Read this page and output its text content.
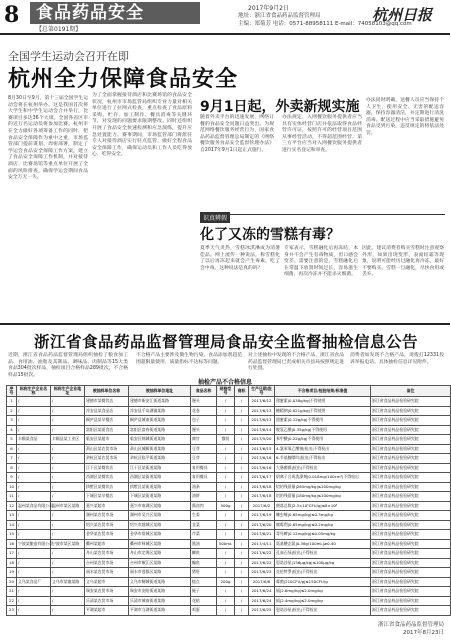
8 食品药品安全
【总第0191期】
2017年9月2日
地址：浙江省食品药品监督管理局
主编：郑菊芳 电话：0571-88958111 E-mail：74058103@qq.com
杭州日报
全国学生运动会召开在即
杭州全力保障食品安全
8月30日至9月，第十三届全国学生运动会将在杭州举办。这是我国首次将大学生和中学生运动会合并举行，比赛项目多达36个大项。全国各省区市的近万名运动员将参加比赛。杭州市在全力做好各项筹备工作的同时，把食品安全保障作为重中之重，市场监管部门提前谋划、周密部署，制定了学运会食品安全保障工作方案，建立了食品安全保障工作机制，并对接待酒店、比赛场馆等重点单位开展了全面的风险排查，确保学运会期间食品安全万无一失。
为了全面掌握接待酒店和比赛场馆的食品安全状况，杭州市市场监管局组织专业力量对相关单位进行了拉网式检查，重点检查了食品原料采购、贮存、加工制作、餐具消毒等关键环节，对发现的问题要求限期整改。同时还组织开展了食品安全快速检测和应急演练，提升应急处置能力。赛事期间，市场监管部门将派驻专人对接待酒店实行驻点监管，做好全程食品安全保障工作，确保运动员和工作人员吃得放心、吃得安全。
9月1日起，外卖新规实施
随着外卖平台的迅速发展，网络订餐的食品安全问题日益突出。为规范网络餐饮服务经营行为，国家食品药品监督管理总局制定的《网络餐饮服务食品安全监督管理办法》自2017年9月1日起正式施行。
办法规定，入网餐饮服务提供者应当具有实体经营门店并依法取得食品经营许可证，按照许可的经营项目范围从事经营活动，不得超范围经营。第三方平台应当对入网餐饮服务提供者进行实名登记和审查。
办法同时明确，送餐人员应当保持个人卫生，使用安全、无害的配送容器，保持容器清洁，并定期进行清洗消毒。配送过程中应当采取措施避免食品受到污染，违反规定的将依法处罚。
识真辨假
化了又冻的雪糕有毒？
夏季天气炎热，雪糕冰淇淋成为消暑佳品。网上流传一种说法，称雪糕化了以后再冻起来就会产生毒素，吃了会中毒。这种说法是真的吗？
专家表示，雪糕融化后再冻结，本身并不会产生有毒物质，但口感会变差。需要注意的是，雪糕融化后在常温下放置时间过长，容易滋生细菌，再次冷冻并不能杀灭细菌。
因此，建议消费者购买雪糕时注意观察外形，如果出现变形、表面结霜等现象，说明可能经历过融化再冷冻，最好不要购买。雪糕一旦融化，尽快食用或丢弃。
浙江省食品药品监督管理局食品安全监督抽检信息公告
近期，浙江省食品药品监督管理局组织抽检了粮食加工品、食用油、油脂及其制品、调味品、肉制品等15大类食品304批次样品，抽检项目合格样品289批次，不合格样品15批次。
不合格产品主要涉及微生物污染、食品添加剂超范围超限量使用、质量指标不达标等问题。
对上述抽检中发现的不合格产品，浙江省食品药品监督管理局已责成相关市县局按照规定进行处置。
消费者如发现不合格产品，请拨打12331投诉举报电话。具体抽检信息详见附件。
抽检产品不合格信息
序号	标称生产企业名称	标称生产企业地址	被抽样单位名称	被抽样单位地址	食品名称	规格型号	商标	生产日期/批号	不合格项目/检验结果/标准值	备注
1	/	/	建德市某餐饮店	建德市新安江街道某路	馒头	/	/	2017/6/12	甜蜜素|0.038g/kg|不得使用	浙江省食品药品检验研究院
2	/	/	淳安县某食品店	淳安县千岛湖镇某路	花卷	/	/	2017/6/13	糖精钠|0.021g/kg|不得使用	浙江省食品药品检验研究院
3	/	/	桐庐县某早餐店	桐庐县城南街道某路	包子	/	/	2017/6/13	甜蜜素|0.12g/kg|不得使用	浙江省食品药品检验研究院
4	/	/	富阳区某面食店	富阳区富春街道某路	馒头	/	/	2017/6/14	脱氢乙酸|0.35g/kg|不得使用	浙江省食品药品检验研究院
5	丰顺某食品	丰顺县某工业区	临安区某超市	临安区锦城街道某路	腐竹	散装	/	2017/5/20	苯甲酸|0.22g/kg|不得使用	浙江省食品药品检验研究院
6	/	/	萧山区某农贸市场	萧山区城厢街道某路	豆芽	/	/	2017/6/15	4-氯苯氧乙酸钠|检出|不得检出	浙江省食品药品检验研究院
7	/	/	余杭区某农贸市场	余杭区临平街道某路	豆芽	/	/	2017/6/16	6-苄基腺嘌呤|检出|不得检出	浙江省食品药品检验研究院
8	/	/	江干区某餐饮店	江干区某街道某路	复用餐具	/	/	2017/6/16	大肠菌群|检出|不得检出	浙江省食品药品检验研究院
9	/	/	西湖区某餐饮店	西湖区某街道某路	复用餐具	/	/	2017/6/17	阴离子合成洗涤剂|0.018mg/100cm²|不得检出	浙江省食品药品检验研究院
10	/	/	拱墅区某餐饮店	拱墅区某街道某路	油条	/	/	2017/6/18	铝的残留量|265mg/kg|≤100mg/kg	浙江省食品药品检验研究院
11	/	/	下城区某早餐店	下城区某街道某路	油饼	/	/	2017/6/18	铝的残留量|180mg/kg|≤100mg/kg	浙江省食品药品检验研究院
12	温州某食品有限公司	温州市某区某路	嘉兴某超市	嘉兴市南湖区某路	酱卤肉	500g	/	2017/6/2	菌落总数|2.3×10⁵CFU/g|≤8×10⁴	浙江省食品药品检验研究院
13	/	/	湖州某农贸市场	湖州市吴兴区某路	生姜	/	/	2017/6/19	噻虫嗪|0.65mg/kg|≤0.3mg/kg	浙江省食品药品检验研究院
14	/	/	绍兴某农贸市场	绍兴市越城区某路	韭菜	/	/	2017/6/20	腐霉利|0.85mg/kg|≤0.2mg/kg	浙江省食品药品检验研究院
15	/	/	金华某农贸市场	金华市婺城区某路	芹菜	/	/	2017/6/21	毒死蜱|0.12mg/kg|≤0.05mg/kg	浙江省食品药品检验研究院
16	宁波某酿造有限公司	宁波市某区某路	衢州某超市	衢州市柯城区某路	酱油	500mL	/	2017/4/11	氨基酸态氮|0.38g/100mL|≥0.40	浙江省食品药品检验研究院
17	/	/	舟山某农贸市场	舟山市定海区某路	鲫鱼	/	/	2017/6/22	孔雀石绿|检出|不得检出	浙江省食品药品检验研究院
18	/	/	台州某农贸市场	台州市椒江区某路	鳊鱼	/	/	2017/6/22	恩诺沙星|156μg/kg|≤100μg/kg	浙江省食品药品检验研究院
19	/	/	丽水某农贸市场	丽水市莲都区某路	猪肝	/	/	2017/6/23	克伦特罗|检出|不得检出	浙江省食品药品检验研究院
20	义乌某食品厂	义乌市某镇某路	义乌某超市	义乌市稠城街道某路	糕点	200g	/	2017/6/8	霉菌|210CFU/g|≤150CFU/g	浙江省食品药品检验研究院
21	/	/	瑞安某农贸市场	瑞安市安阳街道某路	蛏子	/	/	2017/6/24	镉|2.6mg/kg|≤2.0mg/kg	浙江省食品药品检验研究院
22	/	/	乐清某农贸市场	乐清市城南街道某路	花蛤	/	/	2017/6/24	镉|2.4mg/kg|≤2.0mg/kg	浙江省食品药品检验研究院
23	/	/	平湖某超市	平湖市当湖街道某路	鸡蛋	/	/	2017/6/25	恩诺沙星|检出|不得检出	浙江省食品药品检验研究院
浙江省食品药品监督管理局
2017年8月23日
